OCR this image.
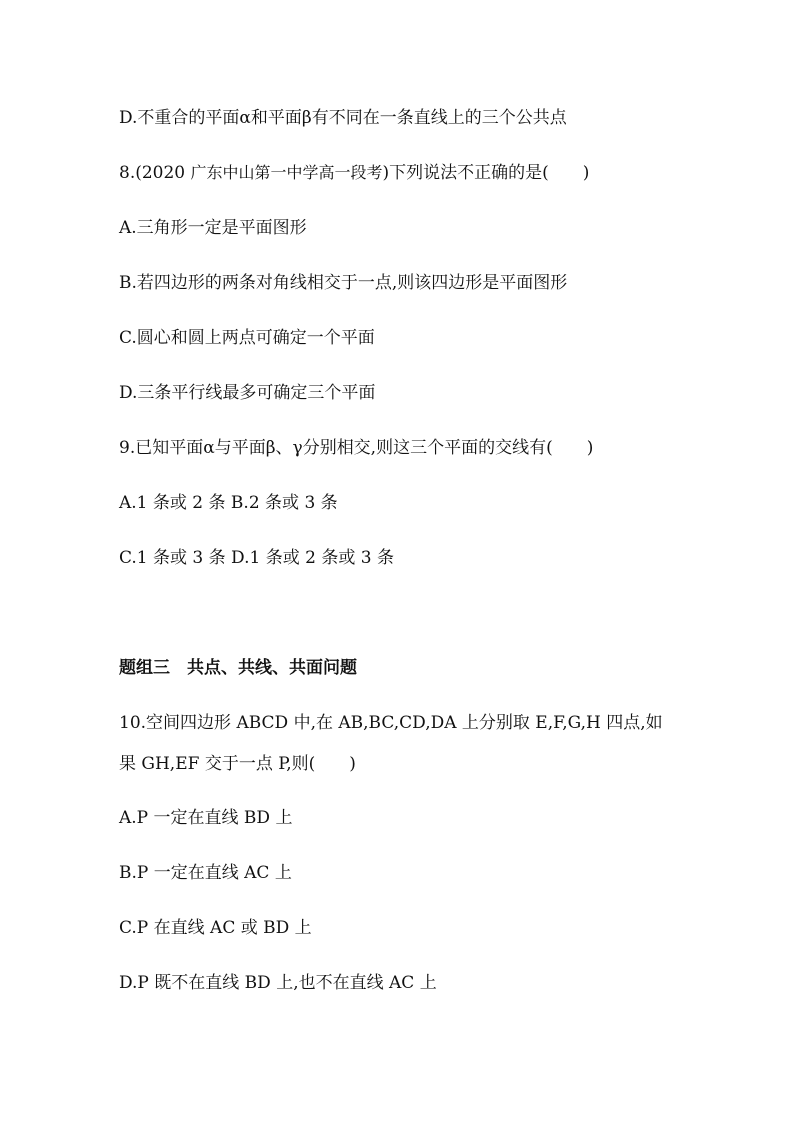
D.不重合的平面α和平面β有不同在一条直线上的三个公共点
8.(2020 广东中山第一中学高一段考)下列说法不正确的是(　　)
A.三角形一定是平面图形
B.若四边形的两条对角线相交于一点,则该四边形是平面图形
C.圆心和圆上两点可确定一个平面
D.三条平行线最多可确定三个平面
9.已知平面α与平面β、γ分别相交,则这三个平面的交线有(　　)
A.1 条或 2 条 B.2 条或 3 条
C.1 条或 3 条 D.1 条或 2 条或 3 条
题组三　共点、共线、共面问题
10.空间四边形 ABCD 中,在 AB,BC,CD,DA 上分别取 E,F,G,H 四点,如
果 GH,EF 交于一点 P,则(　　)
A.P 一定在直线 BD 上
B.P 一定在直线 AC 上
C.P 在直线 AC 或 BD 上
D.P 既不在直线 BD 上,也不在直线 AC 上
